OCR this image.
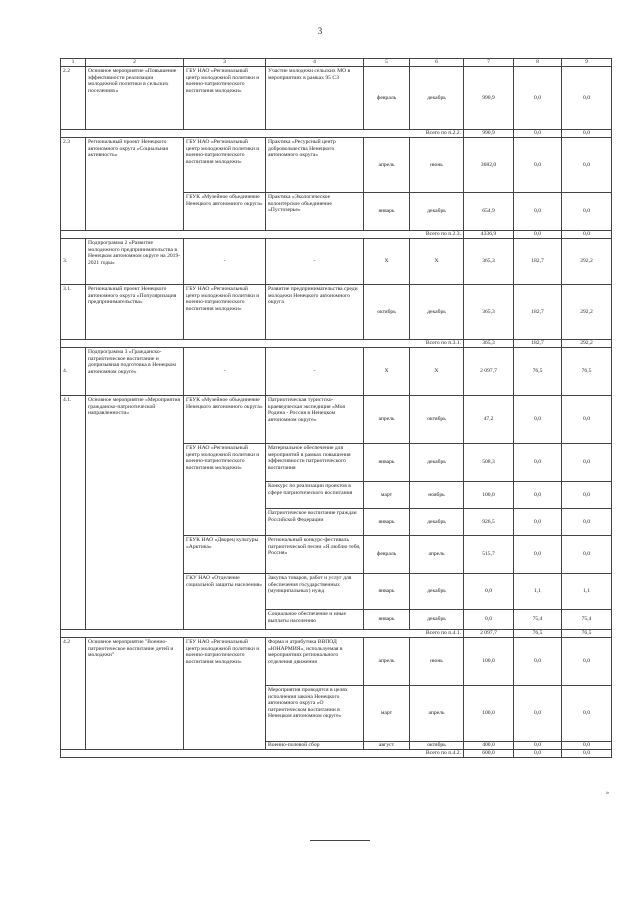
3
1	2	3	4	5	6	7	8	9
2.2	Основное мероприятие «Повышение эффективности реализации молодежной политики в сельских поселениях»	ГБУ НАО «Региональный центр молодежной политики и военно-патриотического воспитания молодежи»	Участие молодежи сельских МО в мероприятиях в рамках 95 СЗ	февраль	декабрь	990,9	0,0	0,0
Всего по п.2.2.						990,9	0,0	0,0
2.3	Региональный проект Ненецкого автономного округа «Социальная активность»	ГБУ НАО «Региональный центр молодежной политики и военно-патриотического воспитания молодежи»	Практика «Ресурсный центр добровольчества Ненецкого автономного округа»	апрель	июнь	3682,0	0,0	0,0
		ГБУК «Музейное объединение Ненецкого автономного округа»	Практика «Экологическое волонтерское объединение «Пустозерье»	январь	декабрь	654,9	0,0	0,0
Всего по п.2.3.						4336,9	0,0	0,0
3.	Подпрограмма 2 «Развитие молодежного предпринимательства в Ненецком автономном округе на 2019-2021 годы»	-	-	Х	Х	365,3	182,7	292,2
3.1.	Региональный проект Ненецкого автономного округа «Популяризация предпринимательства»	ГБУ НАО «Региональный центр молодежной политики и военно-патриотического воспитания молодежи»	Развитие предпринимательства среди молодежи Ненецкого автономного округа	октябрь	декабрь	365,3	182,7	292,2
Всего по п.3.1.						365,3	182,7	292,2
4.	Подпрограмма 3 «Гражданско-патриотическое воспитание и допризывная подготовка в Ненецком автономном округе»	-	-	Х	Х	2 097,7	76,5	76,5
4.1.	Основное мероприятие «Мероприятия гражданско-патриотической направленности»	ГБУК «Музейное объединение Ненецкого автономного округа»	Патриотическая туристско-краеведческая экспедиция «Моя Родина - Россия в Ненецком автономном округе»	апрель	октябрь	47,2	0,0	0,0
		ГБУ НАО «Региональный центр молодежной политики и военно-патриотического воспитания молодежи»	Материальное обеспечение для мероприятий в рамках повышения эффективности патриотического воспитания	январь	декабрь	508,3	0,0	0,0
			Конкурс по реализации проектов в сфере патриотического воспитания	март	ноябрь	100,0	0,0	0,0
			Патриотическое воспитание граждан Российской Федерации	январь	декабрь	926,5	0,0	0,0
		ГБУК НАО «Дворец культуры «Арктика»	Региональный конкурс-фестиваль патриотической песни «Я люблю тебя, Россия»	февраль	апрель	515,7	0,0	0,0
		ГКУ НАО «Отделение социальной защиты населения»	Закупка товаров, работ и услуг для обеспечения государственных (муниципальных) нужд	январь	декабрь	0,0	1,1	1,1
			Социальное обеспечение и иные выплаты населению	январь	декабрь	0,0	75,4	75,4
Всего по п.4.1.						2 097,7	76,5	76,5
4.2	Основное мероприятие "Военно-патриотическое воспитание детей и молодежи"	ГБУ НАО «Региональный центр молодежной политики и военно-патриотического воспитания молодежи»	Форма и атрибутика ВВПОД «ЮНАРМИЯ», используемая в мероприятиях регионального отделения движения	апрель	июнь	100,0	0,0	0,0
			Мероприятия проводятся в целях исполнения закона Ненецкого автономного округа «О патриотическом воспитании в Ненецком автономном округе»	март	апрель	100,0	0,0	0,0
			Военно-полевой сбор	август	октябрь	400,0	0,0	0,0
Всего по п.4.2.						600,0	0,0	0,0
»
